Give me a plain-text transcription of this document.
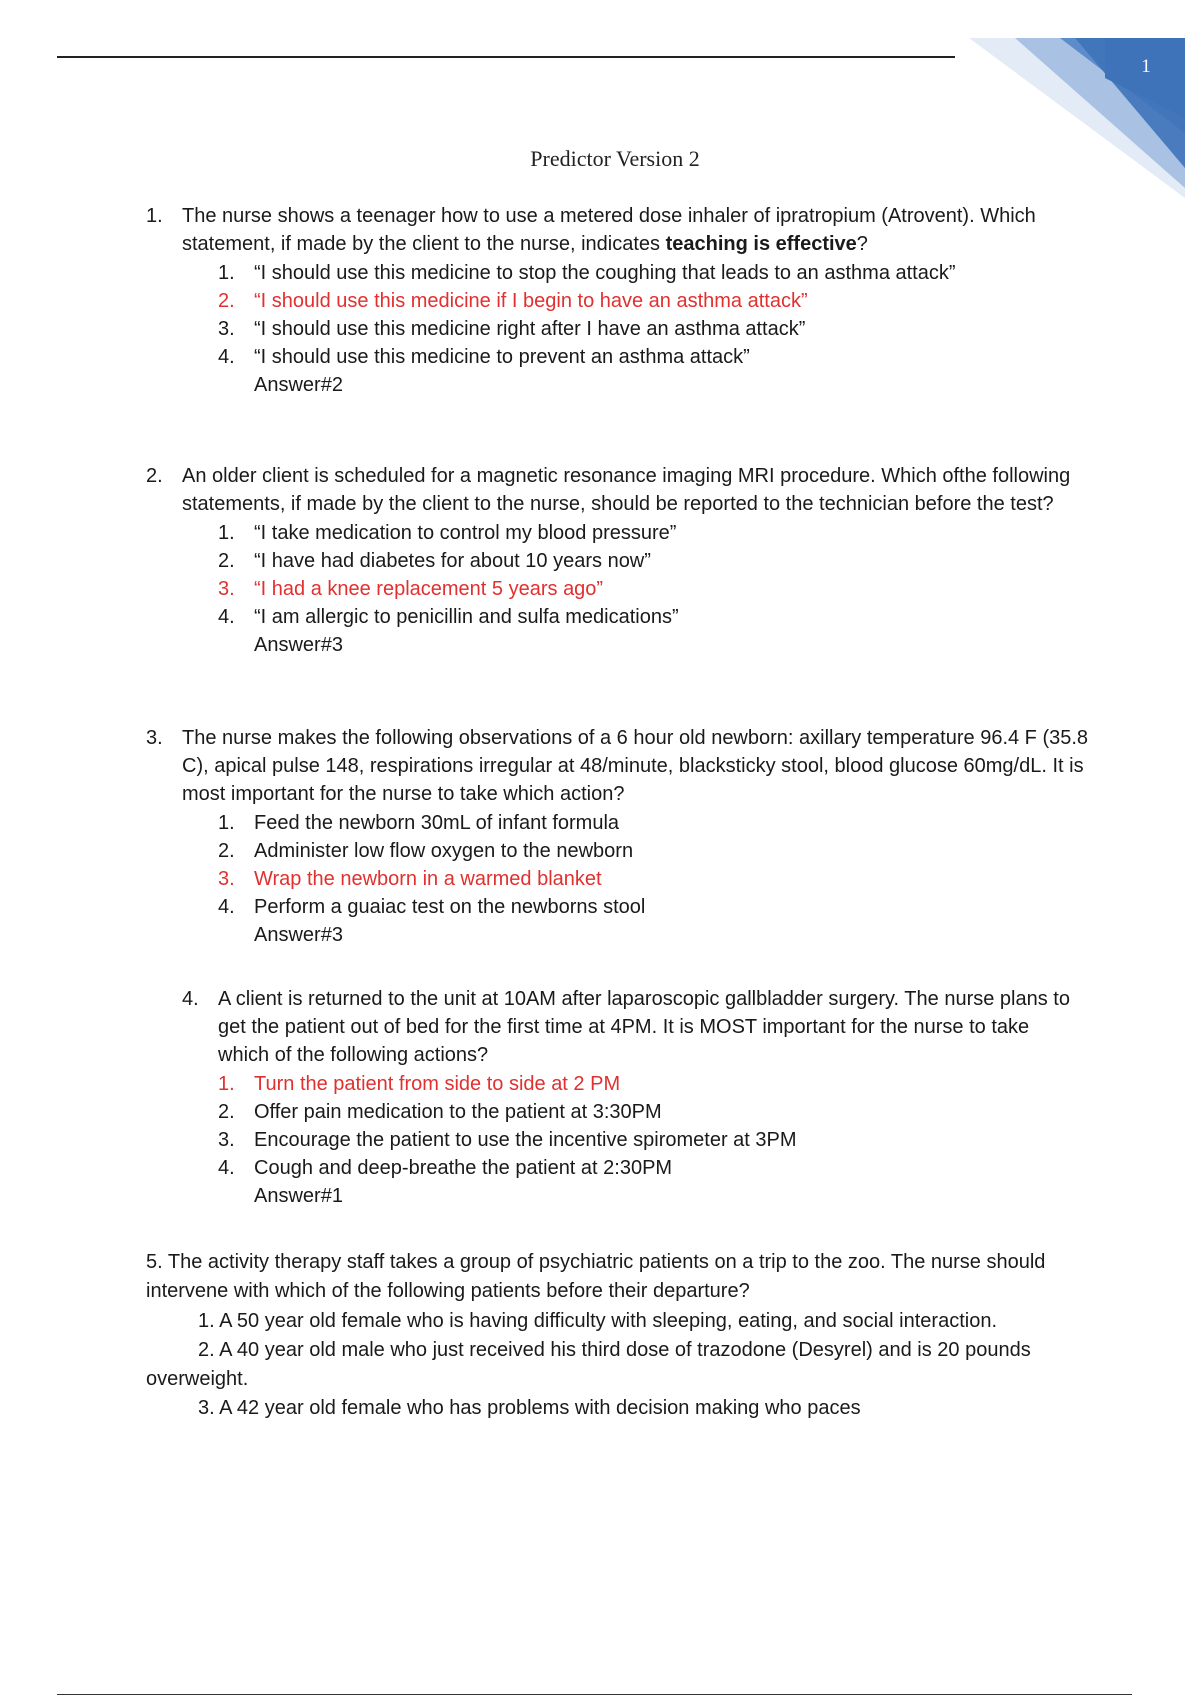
1
Predictor Version 2
1. The nurse shows a teenager how to use a metered dose inhaler of ipratropium (Atrovent). Which statement, if made by the client to the nurse, indicates teaching is effective?
1. “I should use this medicine to stop the coughing that leads to an asthma attack”
2. “I should use this medicine if I begin to have an asthma attack”
3. “I should use this medicine right after I have an asthma attack”
4. “I should use this medicine to prevent an asthma attack”
Answer#2
2. An older client is scheduled for a magnetic resonance imaging MRI procedure. Which ofthe following statements, if made by the client to the nurse, should be reported to the technician before the test?
1. “I take medication to control my blood pressure”
2. “I have had diabetes for about 10 years now”
3. “I had a knee replacement 5 years ago”
4. “I am allergic to penicillin and sulfa medications”
Answer#3
3. The nurse makes the following observations of a 6 hour old newborn: axillary temperature 96.4 F (35.8 C), apical pulse 148, respirations irregular at 48/minute, blacksticky stool, blood glucose 60mg/dL. It is most important for the nurse to take which action?
1. Feed the newborn 30mL of infant formula
2. Administer low flow oxygen to the newborn
3. Wrap the newborn in a warmed blanket
4. Perform a guaiac test on the newborns stool
Answer#3
4. A client is returned to the unit at 10AM after laparoscopic gallbladder surgery. The nurse plans to get the patient out of bed for the first time at 4PM. It is MOST important for the nurse to take which of the following actions?
1. Turn the patient from side to side at 2 PM
2. Offer pain medication to the patient at 3:30PM
3. Encourage the patient to use the incentive spirometer at 3PM
4. Cough and deep-breathe the patient at 2:30PM
Answer#1
5. The activity therapy staff takes a group of psychiatric patients on a trip to the zoo. The nurse should intervene with which of the following patients before their departure?
1. A 50 year old female who is having difficulty with sleeping, eating, and social interaction.
2. A 40 year old male who just received his third dose of trazodone (Desyrel) and is 20 pounds overweight.
3. A 42 year old female who has problems with decision making who paces
